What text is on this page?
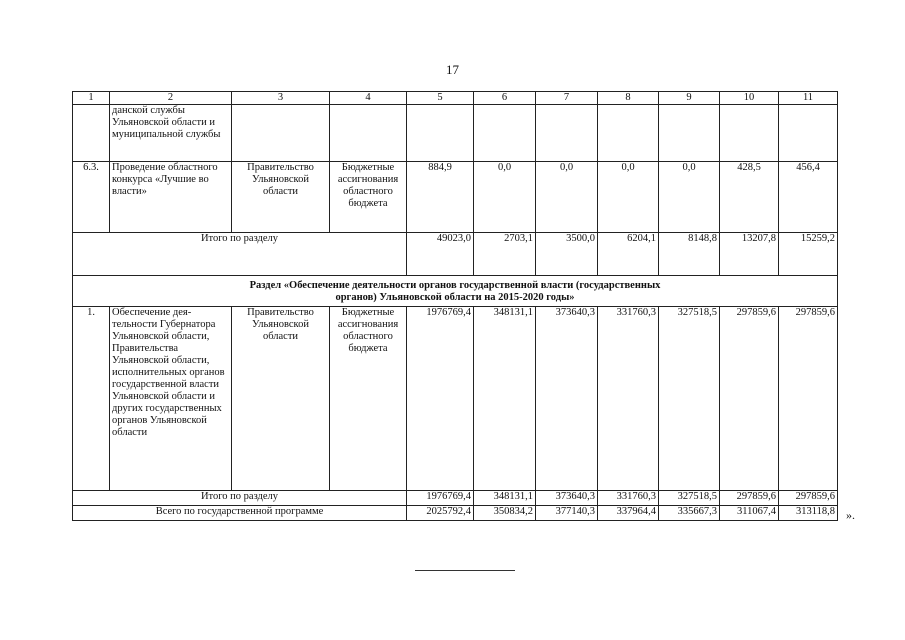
17
1	2	3	4	5	6	7	8	9	10	11
	данской службы Ульяновской области и муниципальной службы									
6.3.	Проведение областного конкурса «Лучшие во власти»	Правительство Ульяновской области	Бюджетные ассигнования областного бюджета	884,9	0,0	0,0	0,0	0,0	428,5	456,4
Итого по разделу				49023,0	2703,1	3500,0	6204,1	8148,8	13207,8	15259,2
Раздел «Обеспечение деятельности органов государственной власти (государственных органов) Ульяновской области на 2015-2020 годы»										
1.	Обеспечение деятельности Губернатора Ульяновской области, Правительства Ульяновской области, исполнительных органов государственной власти Ульяновской области и других государственных органов Ульяновской области	Правительство Ульяновской области	Бюджетные ассигнования областного бюджета	1976769,4	348131,1	373640,3	331760,3	327518,5	297859,6	297859,6
Итого по разделу				1976769,4	348131,1	373640,3	331760,3	327518,5	297859,6	297859,6
Всего по государственной программе				2025792,4	350834,2	377140,3	337964,4	335667,3	311067,4	313118,8 ».
